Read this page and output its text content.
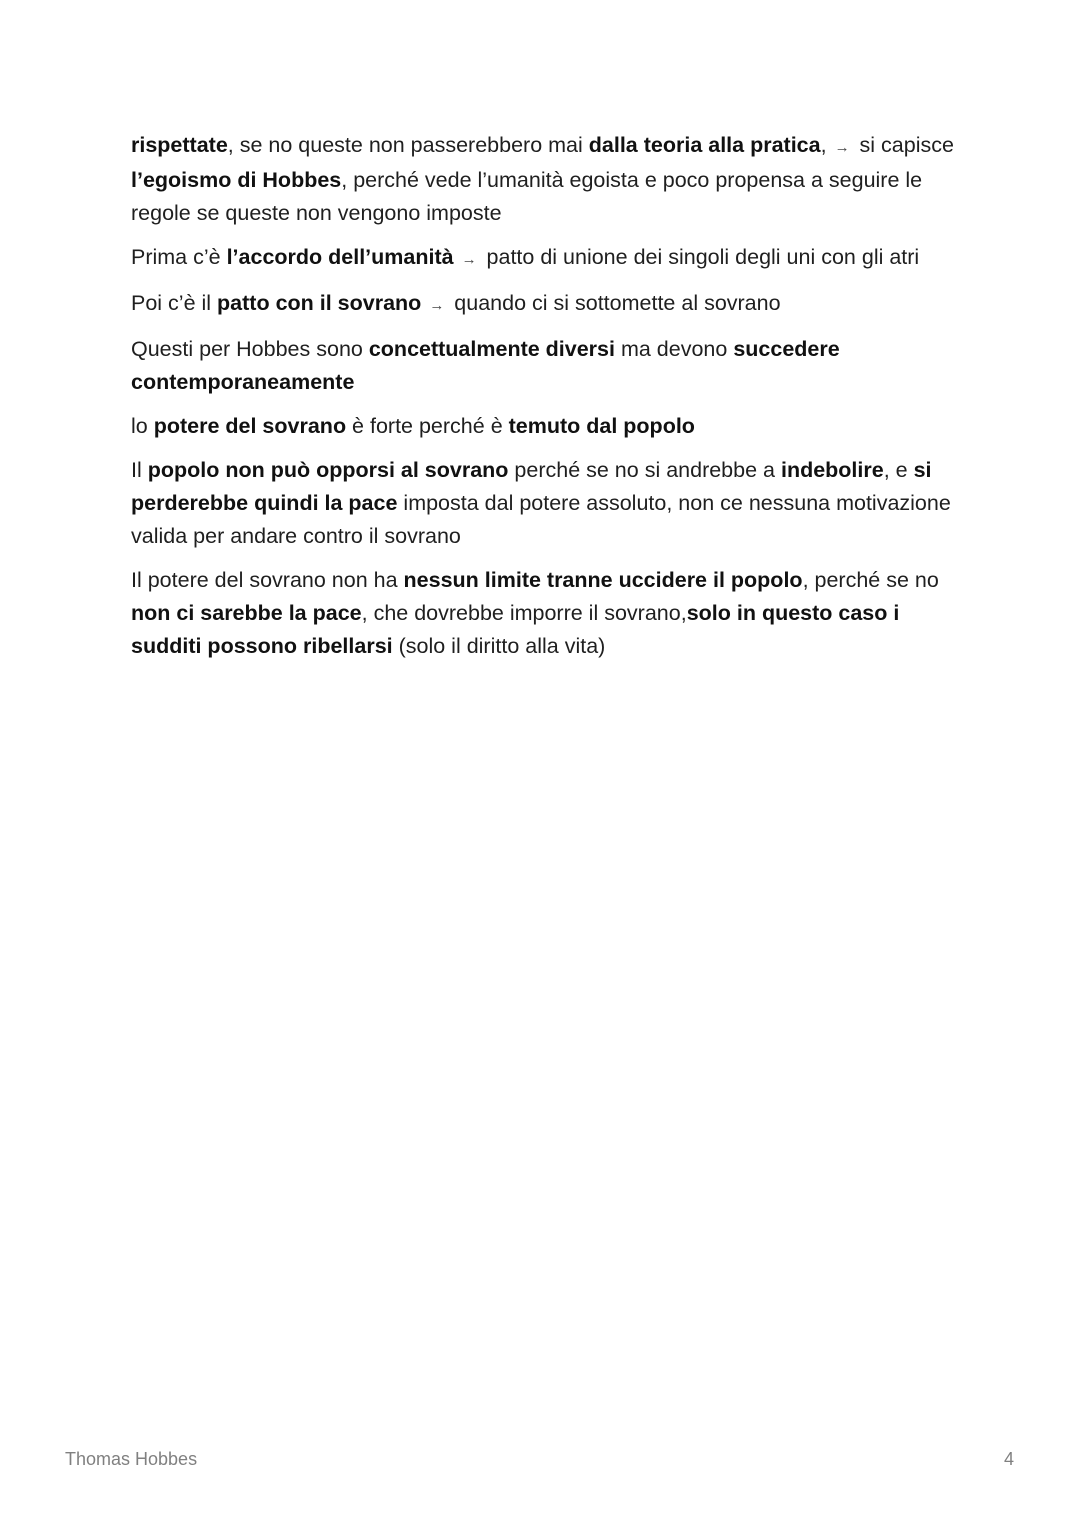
rispettate, se no queste non passerebbero mai dalla teoria alla pratica, → si capisce l’egoismo di Hobbes, perché vede l’umanità egoista e poco propensa a seguire le regole se queste non vengono imposte

Prima c’è l’accordo dell’umanità → patto di unione dei singoli degli uni con gli atri

Poi c’è il patto con il sovrano → quando ci si sottomette al sovrano

Questi per Hobbes sono concettualmente diversi ma devono succedere contemporaneamente

lo potere del sovrano è forte perché è temuto dal popolo

Il popolo non può opporsi al sovrano perché se no si andrebbe a indebolire, e si perderebbe quindi la pace imposta dal potere assoluto, non ce nessuna motivazione valida per andare contro il sovrano

Il potere del sovrano non ha nessun limite tranne uccidere il popolo, perché se no non ci sarebbe la pace, che dovrebbe imporre il sovrano,solo in questo caso i sudditi possono ribellarsi (solo il diritto alla vita)

Thomas Hobbes	4
